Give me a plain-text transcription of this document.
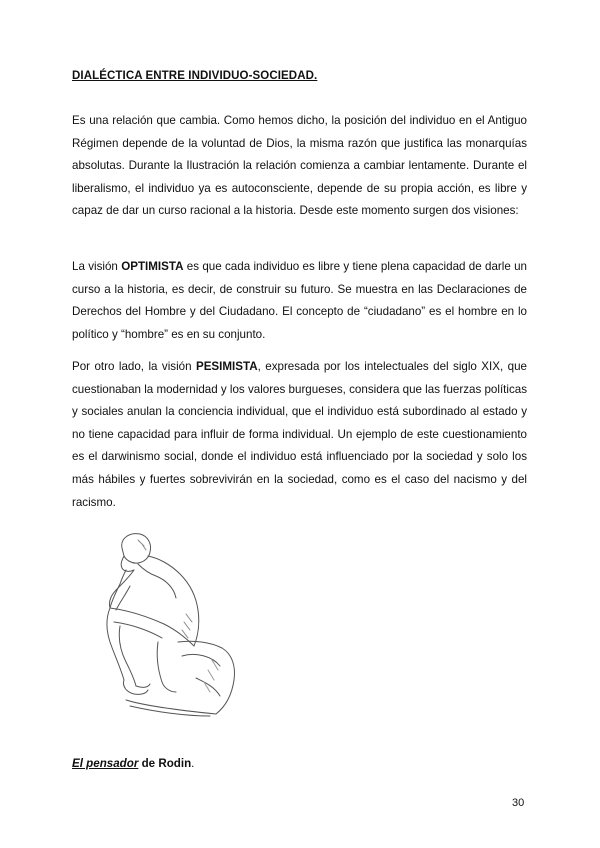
DIALÉCTICA ENTRE INDIVIDUO-SOCIEDAD.

Es una relación que cambia. Como hemos dicho, la posición del individuo en el Antiguo Régimen depende de la voluntad de Dios, la misma razón que justifica las monarquías absolutas. Durante la Ilustración la relación comienza a cambiar lentamente. Durante el liberalismo, el individuo ya es autoconsciente, depende de su propia acción, es libre y capaz de dar un curso racional a la historia. Desde este momento surgen dos visiones:

La visión OPTIMISTA es que cada individuo es libre y tiene plena capacidad de darle un curso a la historia, es decir, de construir su futuro. Se muestra en las Declaraciones de Derechos del Hombre y del Ciudadano. El concepto de “ciudadano” es el hombre en lo político y “hombre” es en su conjunto.

Por otro lado, la visión PESIMISTA, expresada por los intelectuales del siglo XIX, que cuestionaban la modernidad y los valores burgueses, considera que las fuerzas políticas y sociales anulan la conciencia individual, que el individuo está subordinado al estado y no tiene capacidad para influir de forma individual. Un ejemplo de este cuestionamiento es el darwinismo social, donde el individuo está influenciado por la sociedad y solo los más hábiles y fuertes sobrevivirán en la sociedad, como es el caso del nacismo y del racismo.

El pensador de Rodin.
30
